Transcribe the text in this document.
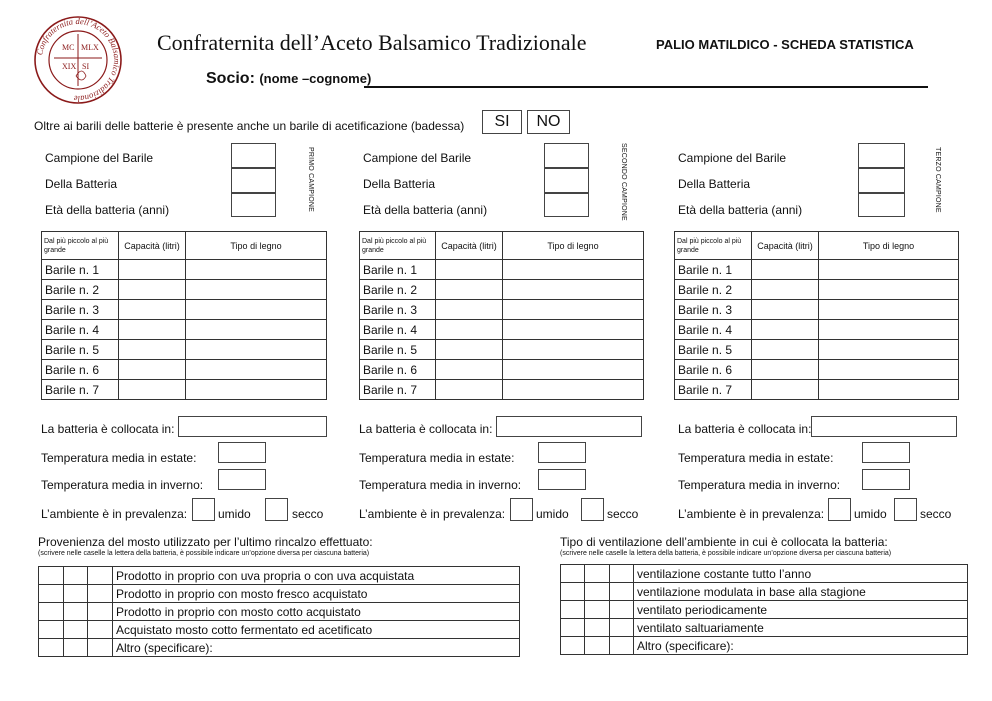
Confraternita dell’Aceto Balsamico Tradizionale
MC MLX
XIX SI
Confraternita dell’Aceto Balsamico Tradizionale	PALIO MATILDICO - SCHEDA STATISTICA
Socio: (nome –cognome)
Oltre ai barili delle batterie è presente anche un barile di acetificazione (badessa)	SI	NO
Campione del Barile
Della Batteria
Età della batteria (anni)	PRIMO CAMPIONE
Dal più piccolo al più grande	Capacità (litri)	Tipo di legno
Barile n. 1		
Barile n. 2		
Barile n. 3		
Barile n. 4		
Barile n. 5		
Barile n. 6		
Barile n. 7		
La batteria è collocata in:
Temperatura media in estate:
Temperatura media in inverno:
L’ambiente è in prevalenza:	umido	secco
Campione del Barile
Della Batteria
Età della batteria (anni)	SECONDO CAMPIONE
Dal più piccolo al più grande	Capacità (litri)	Tipo di legno
Barile n. 1		
Barile n. 2		
Barile n. 3		
Barile n. 4		
Barile n. 5		
Barile n. 6		
Barile n. 7		
La batteria è collocata in:
Temperatura media in estate:
Temperatura media in inverno:
L’ambiente è in prevalenza:	umido	secco
Campione del Barile
Della Batteria
Età della batteria (anni)	TERZO CAMPIONE
Dal più piccolo al più grande	Capacità (litri)	Tipo di legno
Barile n. 1		
Barile n. 2		
Barile n. 3		
Barile n. 4		
Barile n. 5		
Barile n. 6		
Barile n. 7		
La batteria è collocata in:
Temperatura media in estate:
Temperatura media in inverno:
L’ambiente è in prevalenza: umido	secco
Provenienza del mosto utilizzato per l’ultimo rincalzo effettuato:
(scrivere nelle caselle la lettera della batteria, è possibile indicare un’opzione diversa per ciascuna batteria)
			Prodotto in proprio con uva propria o con uva acquistata
			Prodotto in proprio con mosto fresco acquistato
			Prodotto in proprio con mosto cotto acquistato
			Acquistato mosto cotto fermentato ed acetificato
			Altro (specificare):
Tipo di ventilazione dell’ambiente in cui è collocata la batteria:
(scrivere nelle caselle la lettera della batteria, è possibile indicare un’opzione diversa per ciascuna batteria)
			ventilazione costante tutto l’anno
			ventilazione modulata in base alla stagione
			ventilato periodicamente
			ventilato saltuariamente
			Altro (specificare):
